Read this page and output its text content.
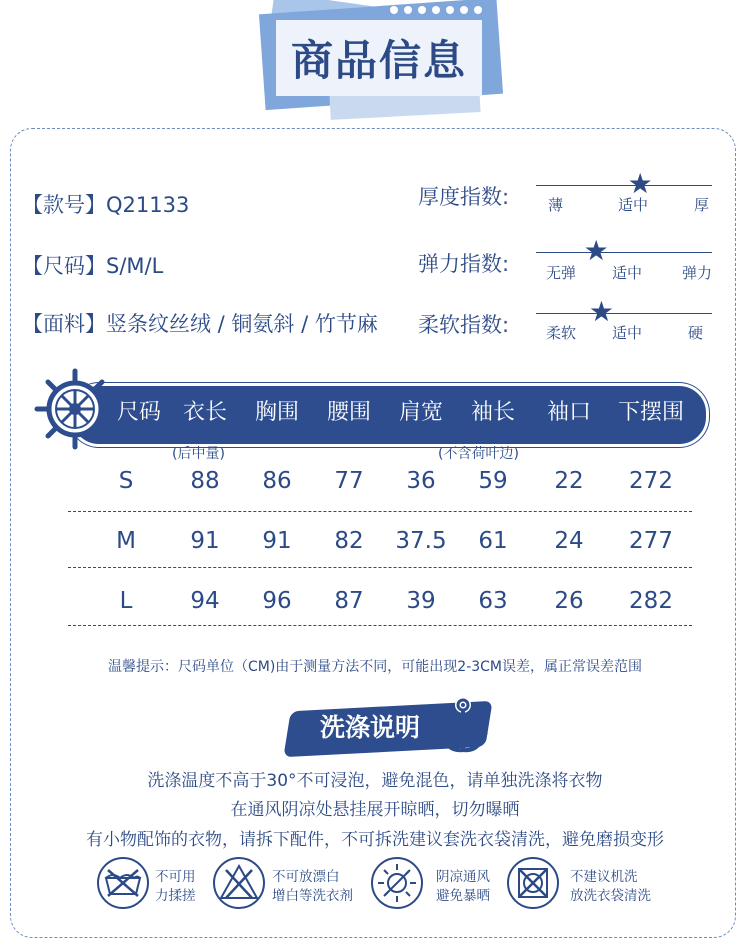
商品信息
【款号】Q21133
【尺码】S/M/L
【面料】竖条纹丝绒 / 铜氨斜 / 竹节麻
厚度指数:	★
薄	适中	厚
弹力指数:	★
无弹 适中	弹力
柔软指数:	★
柔软 适中	硬
尺码 衣长	胸围	腰围	肩宽	袖长	袖口	下摆围
(后中量)	(不含荷叶边)
S	88	86	77	36	59	22	272
M	91	91	82	37.5	61	24	277
L	94	96	87	39	63	26	282
温馨提示：尺码单位（CM)由于测量方法不同，可能出现2-3CM误差，属正常误差范围
洗涤说明
洗涤温度不高于30°不可浸泡，避免混色，请单独洗涤将衣物
在通风阴凉处悬挂展开晾晒，切勿曝晒
有小物配饰的衣物，请拆下配件，不可拆洗建议套洗衣袋清洗，避免磨损变形
不可用
力揉搓
不可放漂白
增白等洗衣剂
阴凉通风
避免暴晒
不建议机洗
放洗衣袋清洗
